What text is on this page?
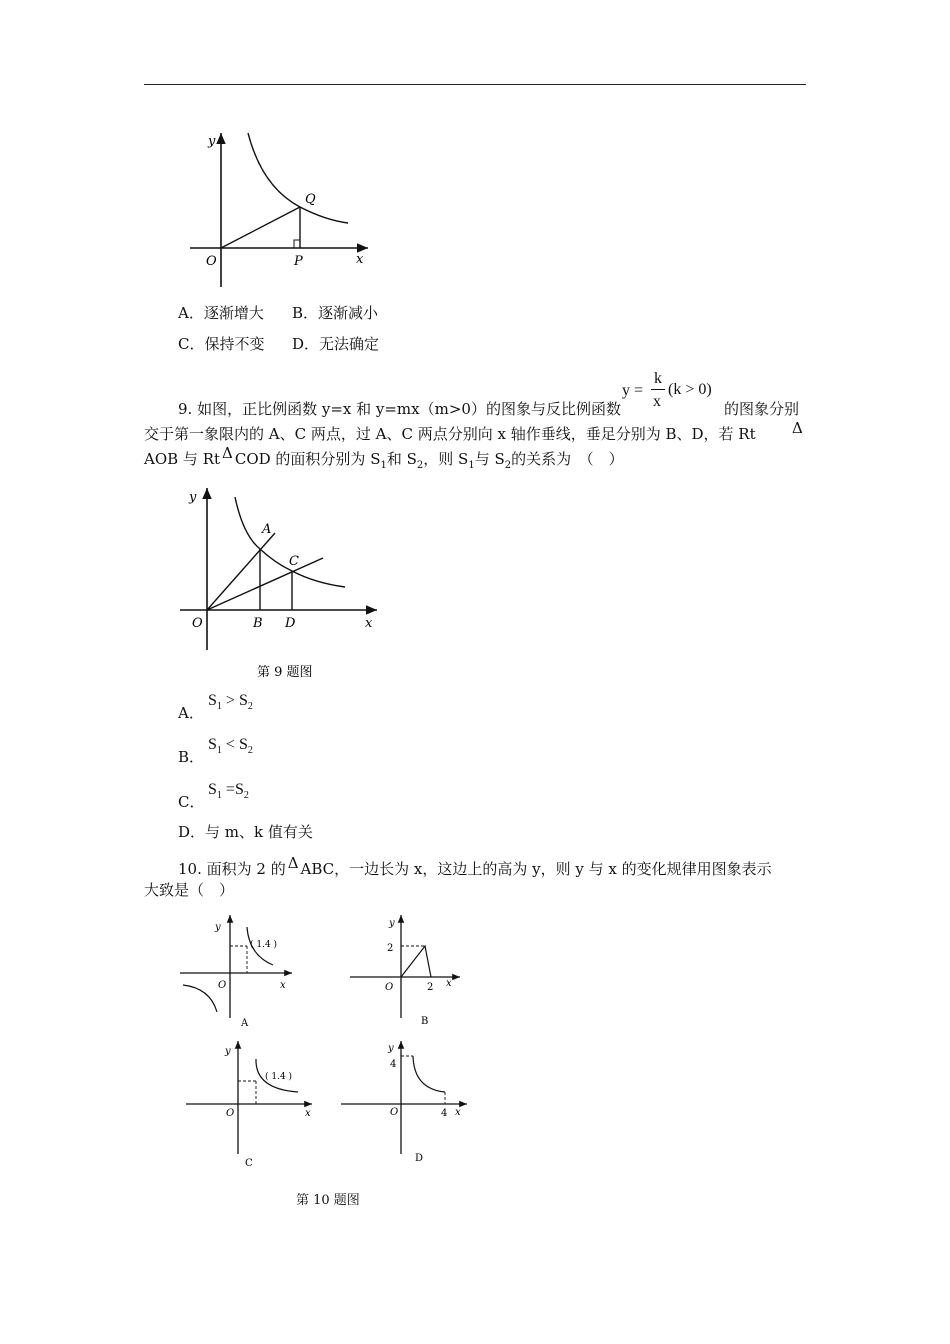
y
x
O
Q
P
A．逐渐增大 B．逐渐减小
C．保持不变 D．无法确定
y =
k
x
(k > 0)
9. 如图，正比例函数 y=x 和 y=mx（m>0）的图象与反比例函数	的图象分别
交于第一象限内的 A、C 两点，过 A、C 两点分别向 x 轴作垂线，垂足分别为 B、D，若 Rt Δ
AOB 与 Rt Δ COD 的面积分别为 $S_1$和 $S_2$，则 $S_1$与 $S_2$的关系为　（　）
y
x
O
A
B
C
D
第 9 题图
A．
$S_1 > S_2$
B．
$S_1 < S_2$
C．
$S_1 =S_2$
D．与 m、k 值有关
10. 面积为 2 的 Δ ABC，一边长为 x，这边上的高为 y，则 y 与 x 的变化规律用图象表示
大致是（　）
y
x
O
( 1.4 )
A
y
x
O
2
2
B
y
x
O
( 1.4 )
C
y
x
O
4
4
D
第 10 题图
